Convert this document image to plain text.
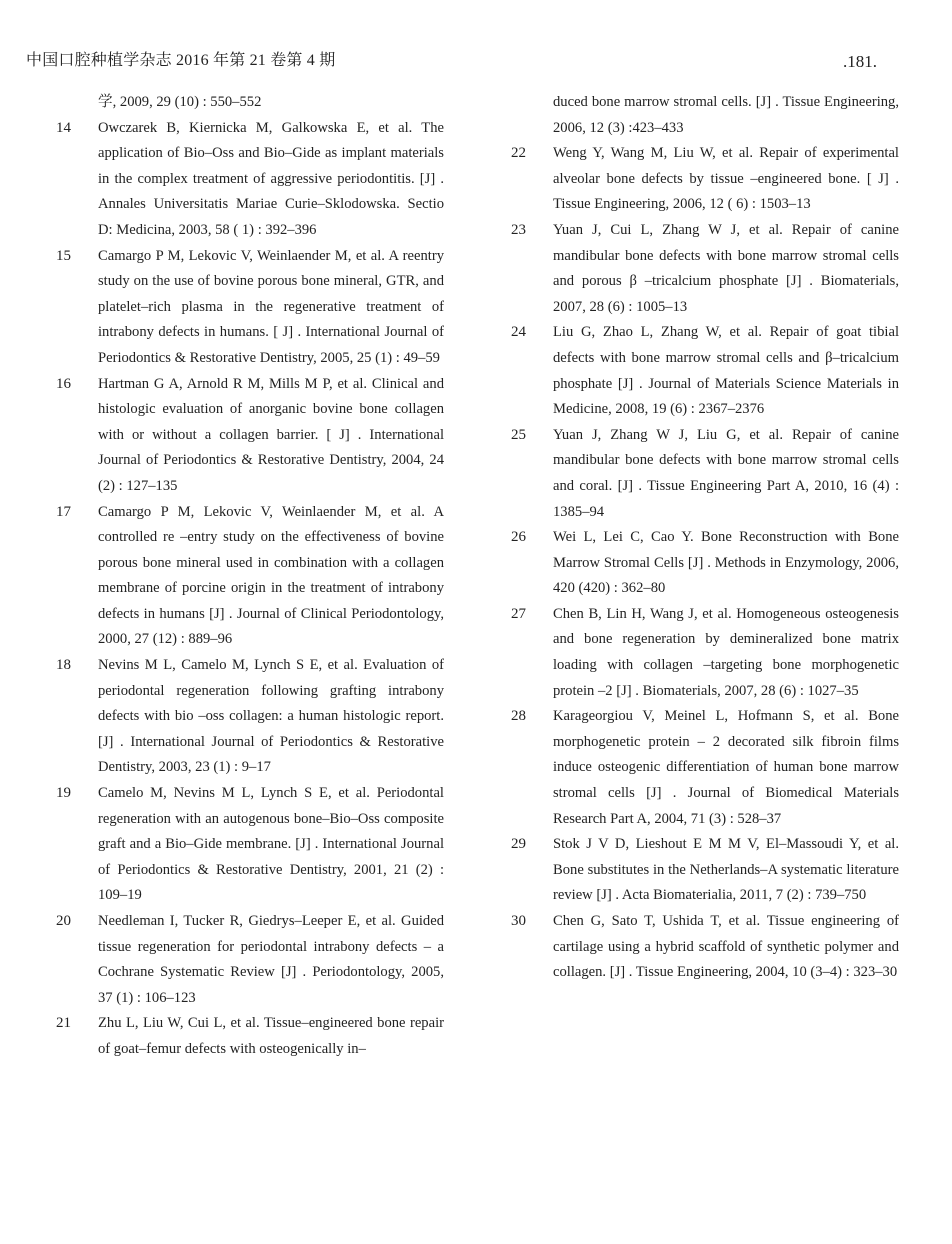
中国口腔种植学杂志 2016 年第 21 卷第 4 期	.181.
学, 2009, 29 (10) : 550–552
14	Owczarek B, Kiernicka M, Galkowska E, et al. The application of Bio–Oss and Bio–Gide as implant materials in the complex treatment of aggressive periodontitis. [J] . Annales Universitatis Mariae Curie–Sklodowska. Sectio D: Medicina, 2003, 58 ( 1) : 392–396
15	Camargo P M, Lekovic V, Weinlaender M, et al. A reentry study on the use of bovine porous bone mineral, GTR, and platelet–rich plasma in the regenerative treatment of intrabony defects in humans. [ J] . International Journal of Periodontics & Restorative Dentistry, 2005, 25 (1) : 49–59
16	Hartman G A, Arnold R M, Mills M P, et al. Clinical and histologic evaluation of anorganic bovine bone collagen with or without a collagen barrier. [ J] . International Journal of Periodontics & Restorative Dentistry, 2004, 24 (2) : 127–135
17	Camargo P M, Lekovic V, Weinlaender M, et al. A controlled re –entry study on the effectiveness of bovine porous bone mineral used in combination with a collagen membrane of porcine origin in the treatment of intrabony defects in humans [J] . Journal of Clinical Periodontology, 2000, 27 (12) : 889–96
18	Nevins M L, Camelo M, Lynch S E, et al. Evaluation of periodontal regeneration following grafting intrabony defects with bio –oss collagen: a human histologic report. [J] . International Journal of Periodontics & Restorative Dentistry, 2003, 23 (1) : 9–17
19	Camelo M, Nevins M L, Lynch S E, et al. Periodontal regeneration with an autogenous bone–Bio–Oss composite graft and a Bio–Gide membrane. [J] . International Journal of Periodontics & Restorative Dentistry, 2001, 21 (2) : 109–19
20	Needleman I, Tucker R, Giedrys–Leeper E, et al. Guided tissue regeneration for periodontal intrabony defects – a Cochrane Systematic Review [J] . Periodontology, 2005, 37 (1) : 106–123
21	Zhu L, Liu W, Cui L, et al. Tissue–engineered bone repair of goat–femur defects with osteogenically in–
duced bone marrow stromal cells. [J] . Tissue Engineering, 2006, 12 (3) :423–433
22	Weng Y, Wang M, Liu W, et al. Repair of experimental alveolar bone defects by tissue –engineered bone. [ J] . Tissue Engineering, 2006, 12 ( 6) : 1503–13
23	Yuan J, Cui L, Zhang W J, et al. Repair of canine mandibular bone defects with bone marrow stromal cells and porous β –tricalcium phosphate [J] . Biomaterials, 2007, 28 (6) : 1005–13
24	Liu G, Zhao L, Zhang W, et al. Repair of goat tibial defects with bone marrow stromal cells and β–tricalcium phosphate [J] . Journal of Materials Science Materials in Medicine, 2008, 19 (6) : 2367–2376
25	Yuan J, Zhang W J, Liu G, et al. Repair of canine mandibular bone defects with bone marrow stromal cells and coral. [J] . Tissue Engineering Part A, 2010, 16 (4) : 1385–94
26	Wei L, Lei C, Cao Y. Bone Reconstruction with Bone Marrow Stromal Cells [J] . Methods in Enzymology, 2006, 420 (420) : 362–80
27	Chen B, Lin H, Wang J, et al. Homogeneous osteogenesis and bone regeneration by demineralized bone matrix loading with collagen –targeting bone morphogenetic protein –2 [J] . Biomaterials, 2007, 28 (6) : 1027–35
28	Karageorgiou V, Meinel L, Hofmann S, et al. Bone morphogenetic protein – 2 decorated silk fibroin films induce osteogenic differentiation of human bone marrow stromal cells [J] . Journal of Biomedical Materials Research Part A, 2004, 71 (3) : 528–37
29	Stok J V D, Lieshout E M M V, El–Massoudi Y, et al. Bone substitutes in the Netherlands–A systematic literature review [J] . Acta Biomaterialia, 2011, 7 (2) : 739–750
30	Chen G, Sato T, Ushida T, et al. Tissue engineering of cartilage using a hybrid scaffold of synthetic polymer and collagen. [J] . Tissue Engineering, 2004, 10 (3–4) : 323–30
